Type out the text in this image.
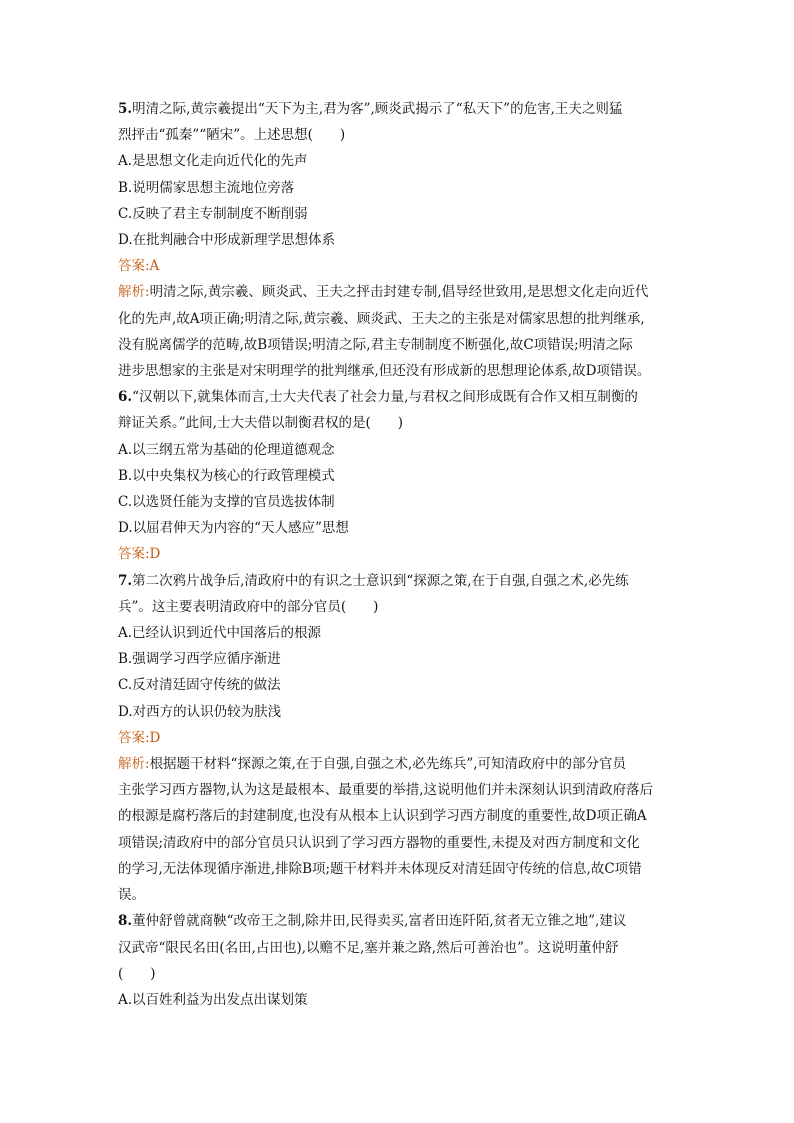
5.明清之际,黄宗羲提出“天下为主,君为客”,顾炎武揭示了“私天下”的危害,王夫之则猛
烈抨击“孤秦”“陋宋”。上述思想(　　)
A.是思想文化走向近代化的先声
B.说明儒家思想主流地位旁落
C.反映了君主专制制度不断削弱
D.在批判融合中形成新理学思想体系
答案:A
解析:明清之际,黄宗羲、顾炎武、王夫之抨击封建专制,倡导经世致用,是思想文化走向近代
化的先声,故A项正确;明清之际,黄宗羲、顾炎武、王夫之的主张是对儒家思想的批判继承,
没有脱离儒学的范畴,故B项错误;明清之际,君主专制制度不断强化,故C项错误;明清之际
进步思想家的主张是对宋明理学的批判继承,但还没有形成新的思想理论体系,故D项错误。
6.“汉朝以下,就集体而言,士大夫代表了社会力量,与君权之间形成既有合作又相互制衡的
辩证关系。”此间,士大夫借以制衡君权的是(　　)
A.以三纲五常为基础的伦理道德观念
B.以中央集权为核心的行政管理模式
C.以选贤任能为支撑的官员选拔体制
D.以屈君伸天为内容的“天人感应”思想
答案:D
7.第二次鸦片战争后,清政府中的有识之士意识到“探源之策,在于自强,自强之术,必先练
兵”。这主要表明清政府中的部分官员(　　)
A.已经认识到近代中国落后的根源
B.强调学习西学应循序渐进
C.反对清廷固守传统的做法
D.对西方的认识仍较为肤浅
答案:D
解析:根据题干材料“探源之策,在于自强,自强之术,必先练兵”,可知清政府中的部分官员
主张学习西方器物,认为这是最根本、最重要的举措,这说明他们并未深刻认识到清政府落后
的根源是腐朽落后的封建制度,也没有从根本上认识到学习西方制度的重要性,故D项正确A
项错误;清政府中的部分官员只认识到了学习西方器物的重要性,未提及对西方制度和文化
的学习,无法体现循序渐进,排除B项;题干材料并未体现反对清廷固守传统的信息,故C项错
误。
8.董仲舒曾就商鞅“改帝王之制,除井田,民得卖买,富者田连阡陌,贫者无立锥之地”,建议
汉武帝“限民名田(名田,占田也),以赡不足,塞并兼之路,然后可善治也”。这说明董仲舒
(　　)
A.以百姓利益为出发点出谋划策
